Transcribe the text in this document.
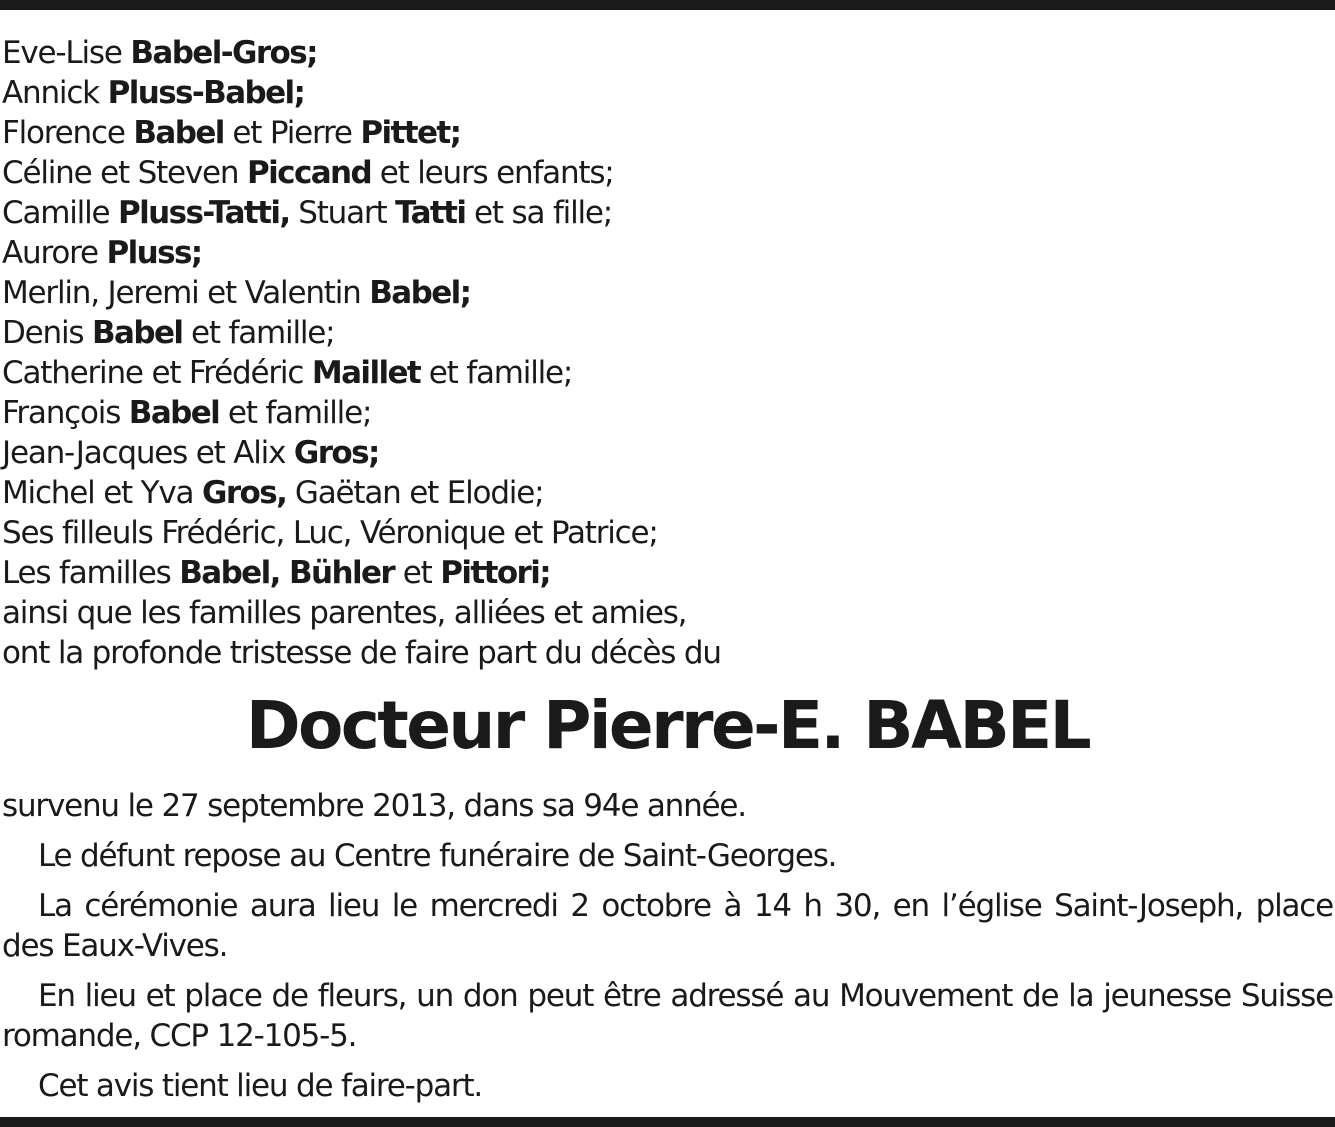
Eve-Lise Babel-Gros;
Annick Pluss-Babel;
Florence Babel et Pierre Pittet;
Céline et Steven Piccand et leurs enfants;
Camille Pluss-Tatti, Stuart Tatti et sa fille;
Aurore Pluss;
Merlin, Jeremi et Valentin Babel;
Denis Babel et famille;
Catherine et Frédéric Maillet et famille;
François Babel et famille;
Jean-Jacques et Alix Gros;
Michel et Yva Gros, Gaëtan et Elodie;
Ses filleuls Frédéric, Luc, Véronique et Patrice;
Les familles Babel, Bühler et Pittori;
ainsi que les familles parentes, alliées et amies,
ont la profonde tristesse de faire part du décès du
Docteur Pierre-E. BABEL

survenu le 27 septembre 2013, dans sa 94e année.

Le défunt repose au Centre funéraire de Saint-Georges.

La cérémonie aura lieu le mercredi 2 octobre à 14 h 30, en l’église Saint-Joseph, place des Eaux-Vives.

En lieu et place de fleurs, un don peut être adressé au Mouvement de la jeunesse Suisse romande, CCP 12-105-5.

Cet avis tient lieu de faire-part.
